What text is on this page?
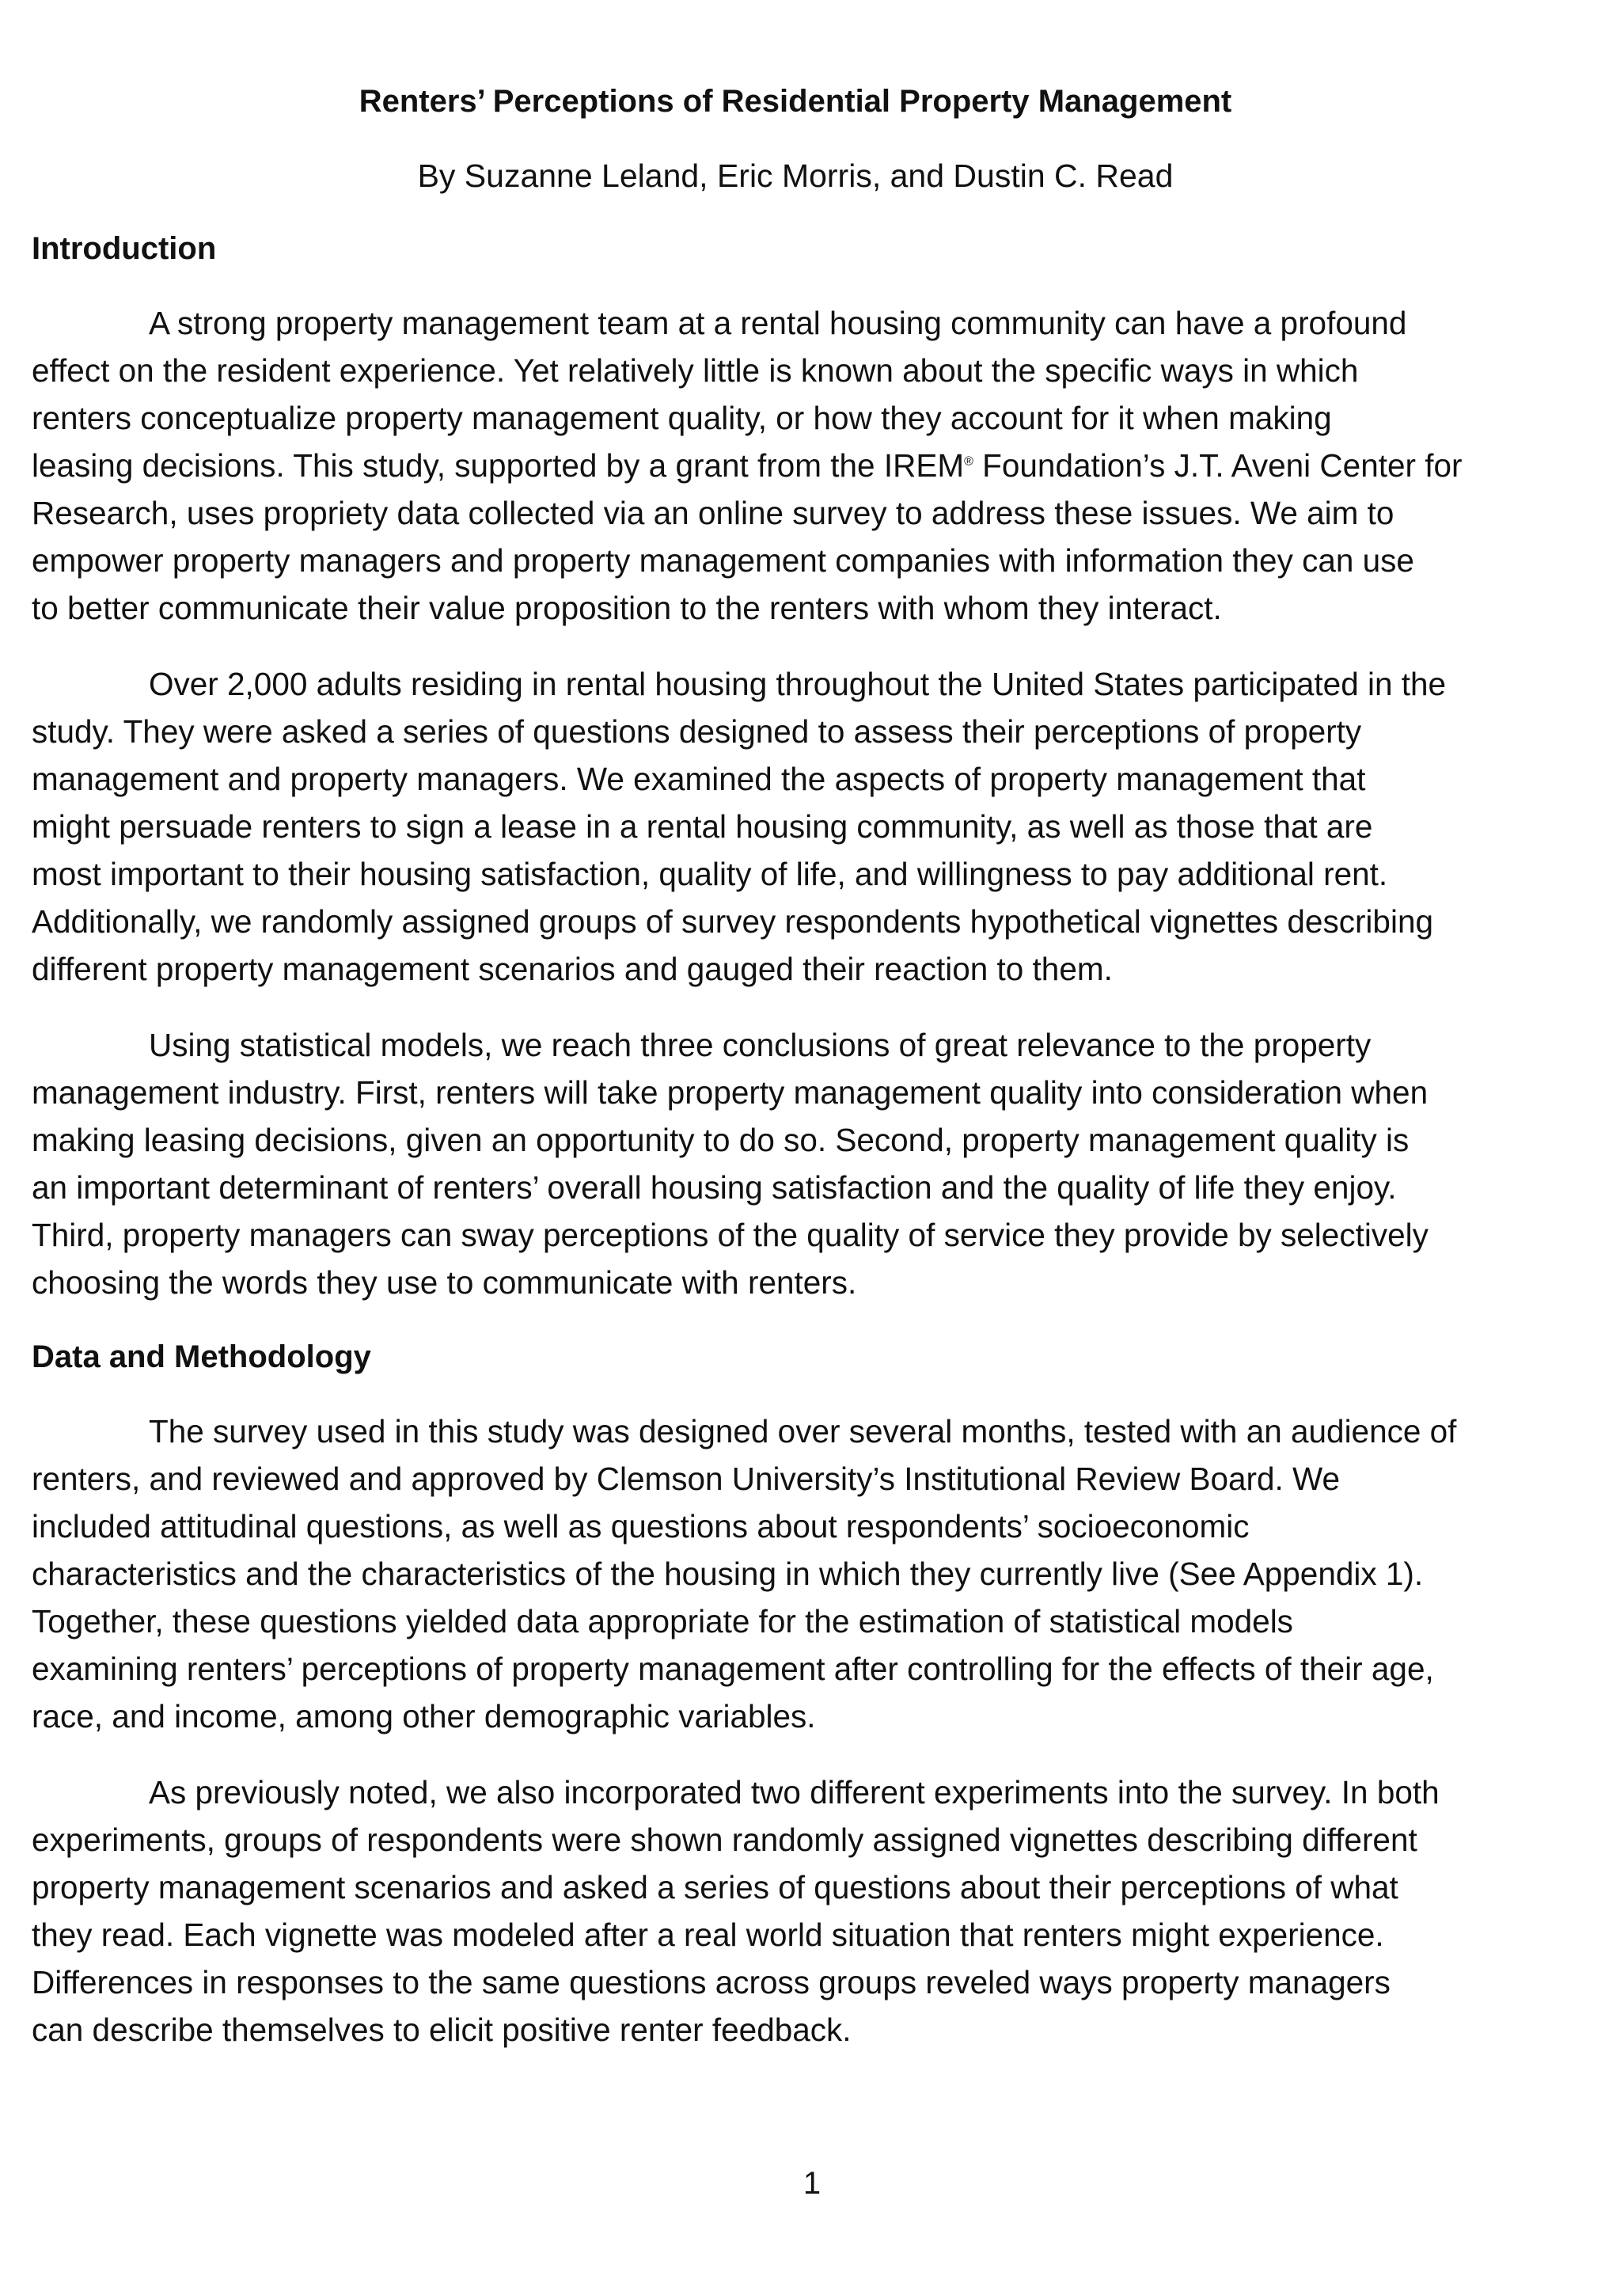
Renters’ Perceptions of Residential Property Management

By Suzanne Leland, Eric Morris, and Dustin C. Read

Introduction

A strong property management team at a rental housing community can have a profound
effect on the resident experience. Yet relatively little is known about the specific ways in which
renters conceptualize property management quality, or how they account for it when making
leasing decisions. This study, supported by a grant from the IREM® Foundation’s J.T. Aveni Center for
Research, uses propriety data collected via an online survey to address these issues. We aim to
empower property managers and property management companies with information they can use
to better communicate their value proposition to the renters with whom they interact.

Over 2,000 adults residing in rental housing throughout the United States participated in the
study. They were asked a series of questions designed to assess their perceptions of property
management and property managers. We examined the aspects of property management that
might persuade renters to sign a lease in a rental housing community, as well as those that are
most important to their housing satisfaction, quality of life, and willingness to pay additional rent.
Additionally, we randomly assigned groups of survey respondents hypothetical vignettes describing
different property management scenarios and gauged their reaction to them.

Using statistical models, we reach three conclusions of great relevance to the property
management industry. First, renters will take property management quality into consideration when
making leasing decisions, given an opportunity to do so. Second, property management quality is
an important determinant of renters’ overall housing satisfaction and the quality of life they enjoy.
Third, property managers can sway perceptions of the quality of service they provide by selectively
choosing the words they use to communicate with renters.

Data and Methodology

The survey used in this study was designed over several months, tested with an audience of
renters, and reviewed and approved by Clemson University’s Institutional Review Board. We
included attitudinal questions, as well as questions about respondents’ socioeconomic
characteristics and the characteristics of the housing in which they currently live (See Appendix 1).
Together, these questions yielded data appropriate for the estimation of statistical models
examining renters’ perceptions of property management after controlling for the effects of their age,
race, and income, among other demographic variables.

As previously noted, we also incorporated two different experiments into the survey. In both
experiments, groups of respondents were shown randomly assigned vignettes describing different
property management scenarios and asked a series of questions about their perceptions of what
they read. Each vignette was modeled after a real world situation that renters might experience.
Differences in responses to the same questions across groups reveled ways property managers
can describe themselves to elicit positive renter feedback.

1
